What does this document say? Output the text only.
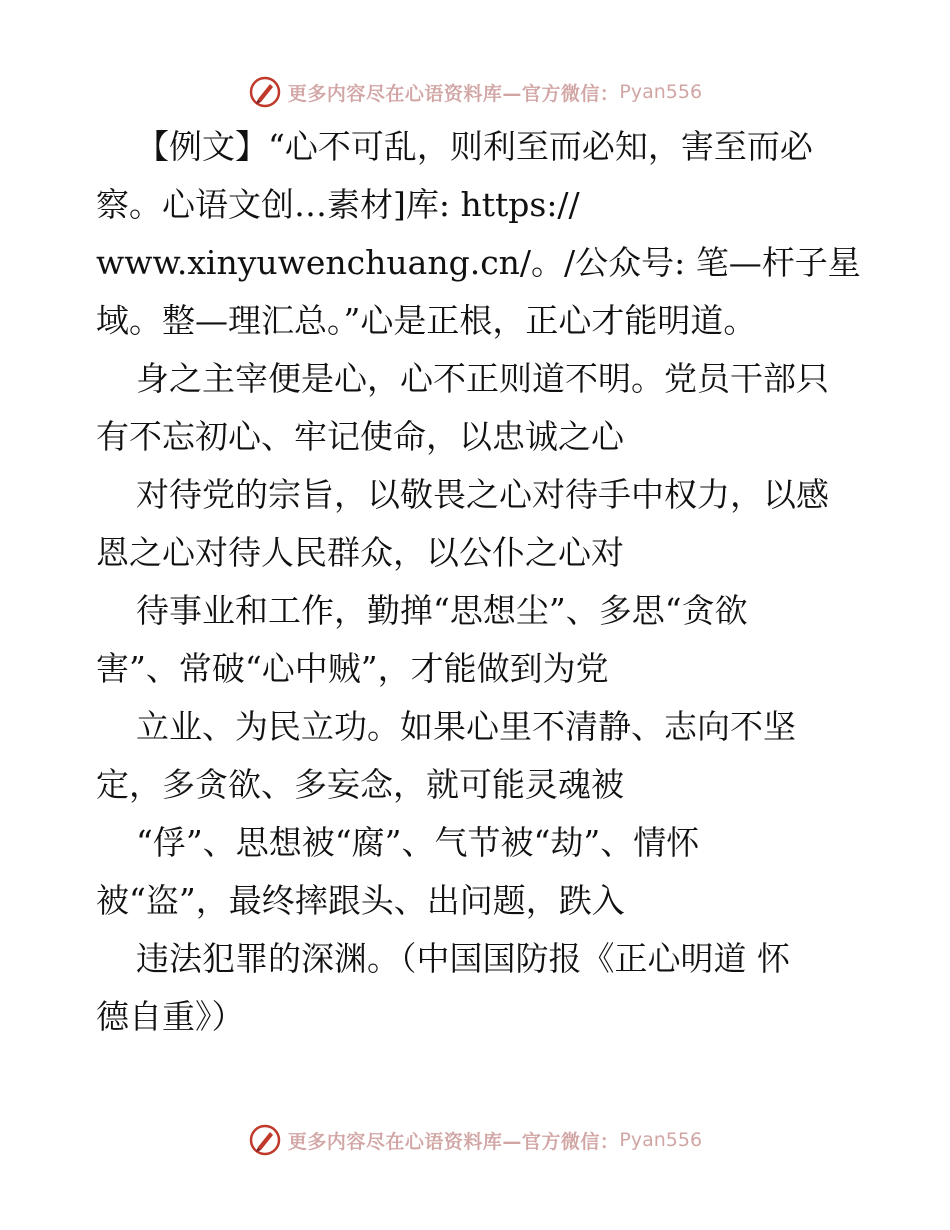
更多内容尽在心语资料库—官方微信： Pyan556
【例文】“心不可乱，则利至而必知，害至而必
察。心语文创…素材]库: https://
www.xinyuwenchuang.cn/。/公众号: 笔—杆子星
域。整—理汇总。”心是正根，正心才能明道。
身之主宰便是心，心不正则道不明。党员干部只
有不忘初心、牢记使命，以忠诚之心
对待党的宗旨，以敬畏之心对待手中权力，以感
恩之心对待人民群众，以公仆之心对
待事业和工作，勤掸“思想尘”、多思“贪欲
害”、常破“心中贼”，才能做到为党
立业、为民立功。如果心里不清静、志向不坚
定，多贪欲、多妄念，就可能灵魂被
“俘”、思想被“腐”、气节被“劫”、情怀
被“盗”，最终摔跟头、出问题，跌入
违法犯罪的深渊。（中国国防报《正心明道 怀
德自重》）
更多内容尽在心语资料库—官方微信： Pyan556
